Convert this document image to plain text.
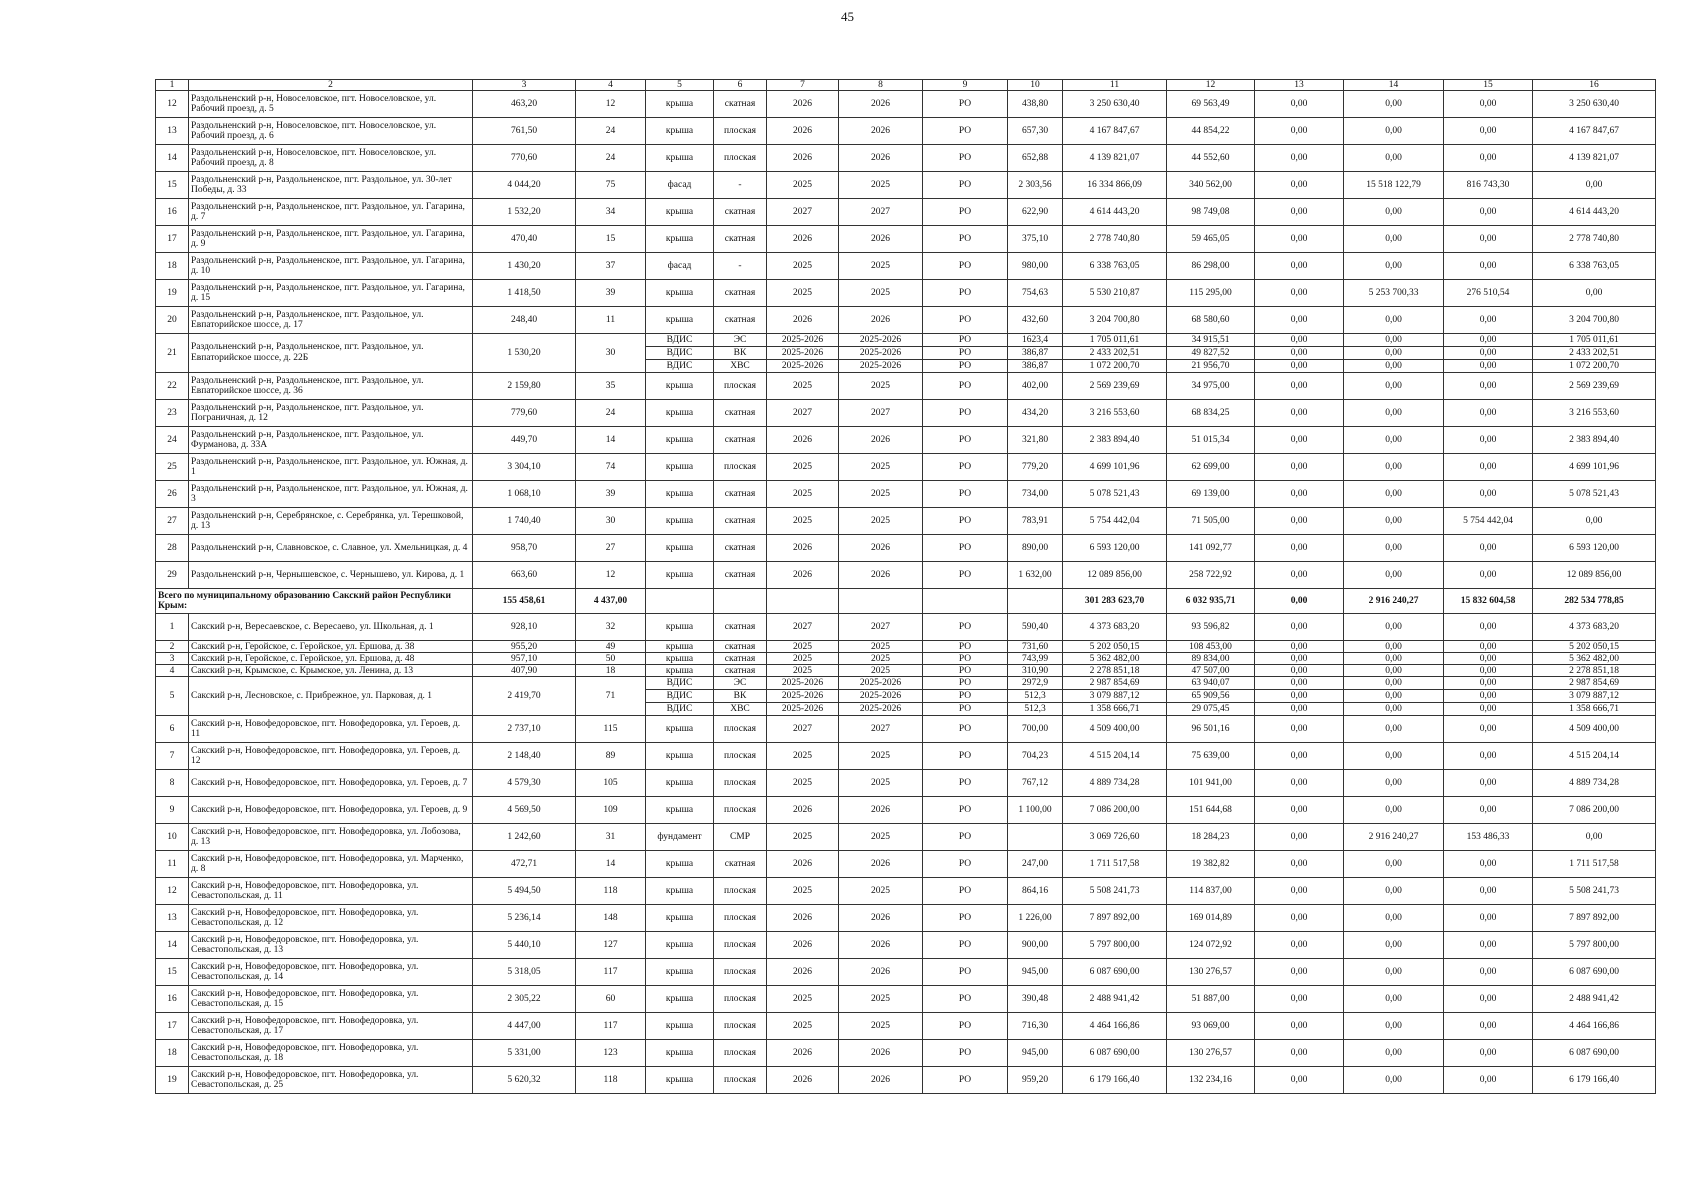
45
1	2	3	4	5	6	7	8	9	10	11	12	13	14	15	16
12	Раздольненский р-н, Новоселовское, пгт. Новоселовское, ул. Рабочий проезд, д. 5	463,20	12	крыша	скатная	2026	2026	РО	438,80	3 250 630,40	69 563,49	0,00	0,00	0,00	3 250 630,40
13	Раздольненский р-н, Новоселовское, пгт. Новоселовское, ул. Рабочий проезд, д. 6	761,50	24	крыша	плоская	2026	2026	РО	657,30	4 167 847,67	44 854,22	0,00	0,00	0,00	4 167 847,67
14	Раздольненский р-н, Новоселовское, пгт. Новоселовское, ул. Рабочий проезд, д. 8	770,60	24	крыша	плоская	2026	2026	РО	652,88	4 139 821,07	44 552,60	0,00	0,00	0,00	4 139 821,07
15	Раздольненский р-н, Раздольненское, пгт. Раздольное, ул. 30-лет Победы, д. 33	4 044,20	75	фасад	-	2025	2025	РО	2 303,56	16 334 866,09	340 562,00	0,00	15 518 122,79	816 743,30	0,00
16	Раздольненский р-н, Раздольненское, пгт. Раздольное, ул. Гагарина, д. 7	1 532,20	34	крыша	скатная	2027	2027	РО	622,90	4 614 443,20	98 749,08	0,00	0,00	0,00	4 614 443,20
17	Раздольненский р-н, Раздольненское, пгт. Раздольное, ул. Гагарина, д. 9	470,40	15	крыша	скатная	2026	2026	РО	375,10	2 778 740,80	59 465,05	0,00	0,00	0,00	2 778 740,80
18	Раздольненский р-н, Раздольненское, пгт. Раздольное, ул. Гагарина, д. 10	1 430,20	37	фасад	-	2025	2025	РО	980,00	6 338 763,05	86 298,00	0,00	0,00	0,00	6 338 763,05
19	Раздольненский р-н, Раздольненское, пгт. Раздольное, ул. Гагарина, д. 15	1 418,50	39	крыша	скатная	2025	2025	РО	754,63	5 530 210,87	115 295,00	0,00	5 253 700,33	276 510,54	0,00
20	Раздольненский р-н, Раздольненское, пгт. Раздольное, ул. Евпаторийское шоссе, д. 17	248,40	11	крыша	скатная	2026	2026	РО	432,60	3 204 700,80	68 580,60	0,00	0,00	0,00	3 204 700,80
21	Раздольненский р-н, Раздольненское, пгт. Раздольное, ул. Евпаторийское шоссе, д. 22Б	1 530,20	30	ВДИС	ЭС	2025-2026	2025-2026	РО	1623,4	1 705 011,61	34 915,51	0,00	0,00	0,00	1 705 011,61
				ВДИС	ВК	2025-2026	2025-2026	РО	386,87	2 433 202,51	49 827,52	0,00	0,00	0,00	2 433 202,51
				ВДИС	ХВС	2025-2026	2025-2026	РО	386,87	1 072 200,70	21 956,70	0,00	0,00	0,00	1 072 200,70
22	Раздольненский р-н, Раздольненское, пгт. Раздольное, ул. Евпаторийское шоссе, д. 36	2 159,80	35	крыша	плоская	2025	2025	РО	402,00	2 569 239,69	34 975,00	0,00	0,00	0,00	2 569 239,69
23	Раздольненский р-н, Раздольненское, пгт. Раздольное, ул. Пограничная, д. 12	779,60	24	крыша	скатная	2027	2027	РО	434,20	3 216 553,60	68 834,25	0,00	0,00	0,00	3 216 553,60
24	Раздольненский р-н, Раздольненское, пгт. Раздольное, ул. Фурманова, д. 33А	449,70	14	крыша	скатная	2026	2026	РО	321,80	2 383 894,40	51 015,34	0,00	0,00	0,00	2 383 894,40
25	Раздольненский р-н, Раздольненское, пгт. Раздольное, ул. Южная, д. 1	3 304,10	74	крыша	плоская	2025	2025	РО	779,20	4 699 101,96	62 699,00	0,00	0,00	0,00	4 699 101,96
26	Раздольненский р-н, Раздольненское, пгт. Раздольное, ул. Южная, д. 3	1 068,10	39	крыша	скатная	2025	2025	РО	734,00	5 078 521,43	69 139,00	0,00	0,00	0,00	5 078 521,43
27	Раздольненский р-н, Серебрянское, с. Серебрянка, ул. Терешковой, д. 13	1 740,40	30	крыша	скатная	2025	2025	РО	783,91	5 754 442,04	71 505,00	0,00	0,00	5 754 442,04	0,00
28	Раздольненский р-н, Славновское, с. Славное, ул. Хмельницкая, д. 4	958,70	27	крыша	скатная	2026	2026	РО	890,00	6 593 120,00	141 092,77	0,00	0,00	0,00	6 593 120,00
29	Раздольненский р-н, Чернышевское, с. Чернышево, ул. Кирова, д. 1	663,60	12	крыша	скатная	2026	2026	РО	1 632,00	12 089 856,00	258 722,92	0,00	0,00	0,00	12 089 856,00
Всего по муниципальному образованию Сакский район Республики Крым:		155 458,61	4 437,00							301 283 623,70	6 032 935,71	0,00	2 916 240,27	15 832 604,58	282 534 778,85
1	Сакский р-н, Вересаевское, с. Вересаево, ул. Школьная, д. 1	928,10	32	крыша	скатная	2027	2027	РО	590,40	4 373 683,20	93 596,82	0,00	0,00	0,00	4 373 683,20
2	Сакский р-н, Геройское, с. Геройское, ул. Ершова, д. 38	955,20	49	крыша	скатная	2025	2025	РО	731,60	5 202 050,15	108 453,00	0,00	0,00	0,00	5 202 050,15
3	Сакский р-н, Геройское, с. Геройское, ул. Ершова, д. 48	957,10	50	крыша	скатная	2025	2025	РО	743,99	5 362 482,00	89 834,00	0,00	0,00	0,00	5 362 482,00
4	Сакский р-н, Крымское, с. Крымское, ул. Ленина, д. 13	407,90	18	крыша	скатная	2025	2025	РО	310,90	2 278 851,18	47 507,00	0,00	0,00	0,00	2 278 851,18
5	Сакский р-н, Лесновское, с. Прибрежное, ул. Парковая, д. 1	2 419,70	71	ВДИС	ЭС	2025-2026	2025-2026	РО	2972,9	2 987 854,69	63 940,07	0,00	0,00	0,00	2 987 854,69
				ВДИС	ВК	2025-2026	2025-2026	РО	512,3	3 079 887,12	65 909,56	0,00	0,00	0,00	3 079 887,12
				ВДИС	ХВС	2025-2026	2025-2026	РО	512,3	1 358 666,71	29 075,45	0,00	0,00	0,00	1 358 666,71
6	Сакский р-н, Новофедоровское, пгт. Новофедоровка, ул. Героев, д. 11	2 737,10	115	крыша	плоская	2027	2027	РО	700,00	4 509 400,00	96 501,16	0,00	0,00	0,00	4 509 400,00
7	Сакский р-н, Новофедоровское, пгт. Новофедоровка, ул. Героев, д. 12	2 148,40	89	крыша	плоская	2025	2025	РО	704,23	4 515 204,14	75 639,00	0,00	0,00	0,00	4 515 204,14
8	Сакский р-н, Новофедоровское, пгт. Новофедоровка, ул. Героев, д. 7	4 579,30	105	крыша	плоская	2025	2025	РО	767,12	4 889 734,28	101 941,00	0,00	0,00	0,00	4 889 734,28
9	Сакский р-н, Новофедоровское, пгт. Новофедоровка, ул. Героев, д. 9	4 569,50	109	крыша	плоская	2026	2026	РО	1 100,00	7 086 200,00	151 644,68	0,00	0,00	0,00	7 086 200,00
10	Сакский р-н, Новофедоровское, пгт. Новофедоровка, ул. Лобозова, д. 13	1 242,60	31	фундамент	СМР	2025	2025	РО		3 069 726,60	18 284,23	0,00	2 916 240,27	153 486,33	0,00
11	Сакский р-н, Новофедоровское, пгт. Новофедоровка, ул. Марченко, д. 8	472,71	14	крыша	скатная	2026	2026	РО	247,00	1 711 517,58	19 382,82	0,00	0,00	0,00	1 711 517,58
12	Сакский р-н, Новофедоровское, пгт. Новофедоровка, ул. Севастопольская, д. 11	5 494,50	118	крыша	плоская	2025	2025	РО	864,16	5 508 241,73	114 837,00	0,00	0,00	0,00	5 508 241,73
13	Сакский р-н, Новофедоровское, пгт. Новофедоровка, ул. Севастопольская, д. 12	5 236,14	148	крыша	плоская	2026	2026	РО	1 226,00	7 897 892,00	169 014,89	0,00	0,00	0,00	7 897 892,00
14	Сакский р-н, Новофедоровское, пгт. Новофедоровка, ул. Севастопольская, д. 13	5 440,10	127	крыша	плоская	2026	2026	РО	900,00	5 797 800,00	124 072,92	0,00	0,00	0,00	5 797 800,00
15	Сакский р-н, Новофедоровское, пгт. Новофедоровка, ул. Севастопольская, д. 14	5 318,05	117	крыша	плоская	2026	2026	РО	945,00	6 087 690,00	130 276,57	0,00	0,00	0,00	6 087 690,00
16	Сакский р-н, Новофедоровское, пгт. Новофедоровка, ул. Севастопольская, д. 15	2 305,22	60	крыша	плоская	2025	2025	РО	390,48	2 488 941,42	51 887,00	0,00	0,00	0,00	2 488 941,42
17	Сакский р-н, Новофедоровское, пгт. Новофедоровка, ул. Севастопольская, д. 17	4 447,00	117	крыша	плоская	2025	2025	РО	716,30	4 464 166,86	93 069,00	0,00	0,00	0,00	4 464 166,86
18	Сакский р-н, Новофедоровское, пгт. Новофедоровка, ул. Севастопольская, д. 18	5 331,00	123	крыша	плоская	2026	2026	РО	945,00	6 087 690,00	130 276,57	0,00	0,00	0,00	6 087 690,00
19	Сакский р-н, Новофедоровское, пгт. Новофедоровка, ул. Севастопольская, д. 25	5 620,32	118	крыша	плоская	2026	2026	РО	959,20	6 179 166,40	132 234,16	0,00	0,00	0,00	6 179 166,40
